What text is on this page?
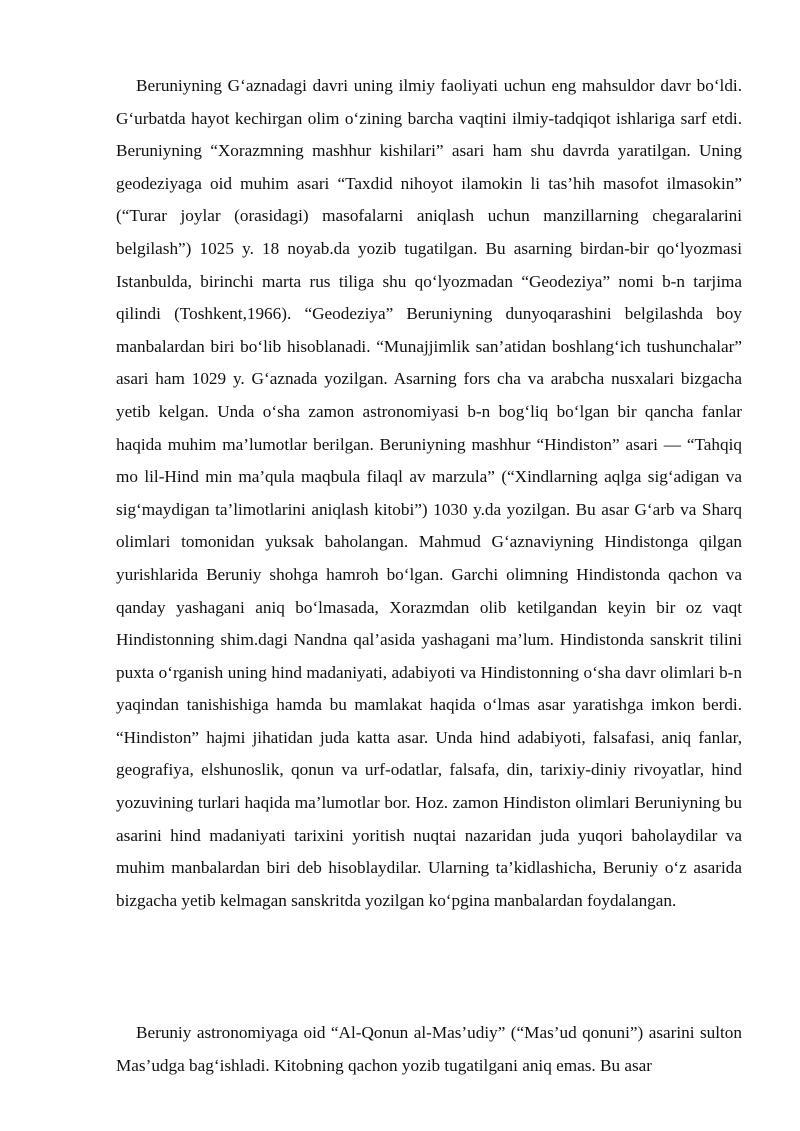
Beruniyning G‘aznadagi davri uning ilmiy faoliyati uchun eng mahsuldor davr bo‘ldi. G‘urbatda hayot kechirgan olim o‘zining barcha vaqtini ilmiy-tadqiqot ishlariga sarf etdi. Beruniyning “Xorazmning mashhur kishilari” asari ham shu davrda yaratilgan. Uning geodeziyaga oid muhim asari “Taxdid nihoyot ilamokin li tas’hih masofot ilmasokin” (“Turar joylar (orasidagi) masofalarni aniqlash uchun manzillarning chegaralarini belgilash”) 1025 y. 18 noyab.da yozib tugatilgan. Bu asarning birdan-bir qo‘lyozmasi Istanbulda, birinchi marta rus tiliga shu qo‘lyozmadan “Geodeziya” nomi b-n tarjima qilindi (Toshkent,1966). “Geodeziya” Beruniyning dunyoqarashini belgilashda boy manbalardan biri bo‘lib hisoblanadi. “Munajjimlik san’atidan boshlang‘ich tushunchalar” asari ham 1029 y. G‘aznada yozilgan. Asarning fors cha va arabcha nusxalari bizgacha yetib kelgan. Unda o‘sha zamon astronomiyasi b-n bog‘liq bo‘lgan bir qancha fanlar haqida muhim ma’lumotlar berilgan. Beruniyning mashhur “Hindiston” asari — “Tahqiq mo lil-Hind min ma’qula maqbula filaql av marzula” (“Xindlarning aqlga sig‘adigan va sig‘maydigan ta’limotlarini aniqlash kitobi”) 1030 y.da yozilgan. Bu asar G‘arb va Sharq olimlari tomonidan yuksak baholangan. Mahmud G‘aznaviyning Hindistonga qilgan yurishlarida Beruniy shohga hamroh bo‘lgan. Garchi olimning Hindistonda qachon va qanday yashagani aniq bo‘lmasada, Xorazmdan olib ketilgandan keyin bir oz vaqt Hindistonning shim.dagi Nandna qal’asida yashagani ma’lum. Hindistonda sanskrit tilini puxta o‘rganish uning hind madaniyati, adabiyoti va Hindistonning o‘sha davr olimlari b-n yaqindan tanishishiga hamda bu mamlakat haqida o‘lmas asar yaratishga imkon berdi. “Hindiston” hajmi jihatidan juda katta asar. Unda hind adabiyoti, falsafasi, aniq fanlar, geografiya, elshunoslik, qonun va urf-odatlar, falsafa, din, tarixiy-diniy rivoyatlar, hind yozuvining turlari haqida ma’lumotlar bor. Hoz. zamon Hindiston olimlari Beruniyning bu asarini hind madaniyati tarixini yoritish nuqtai nazaridan juda yuqori baholaydilar va muhim manbalardan biri deb hisoblaydilar. Ularning ta’kidlashicha, Beruniy o‘z asarida bizgacha yetib kelmagan sanskritda yozilgan ko‘pgina manbalardan foydalangan.

Beruniy astronomiyaga oid “Al-Qonun al-Mas’udiy” (“Mas’ud qonuni”) asarini sulton Mas’udga bag‘ishladi. Kitobning qachon yozib tugatilgani aniq emas. Bu asar
